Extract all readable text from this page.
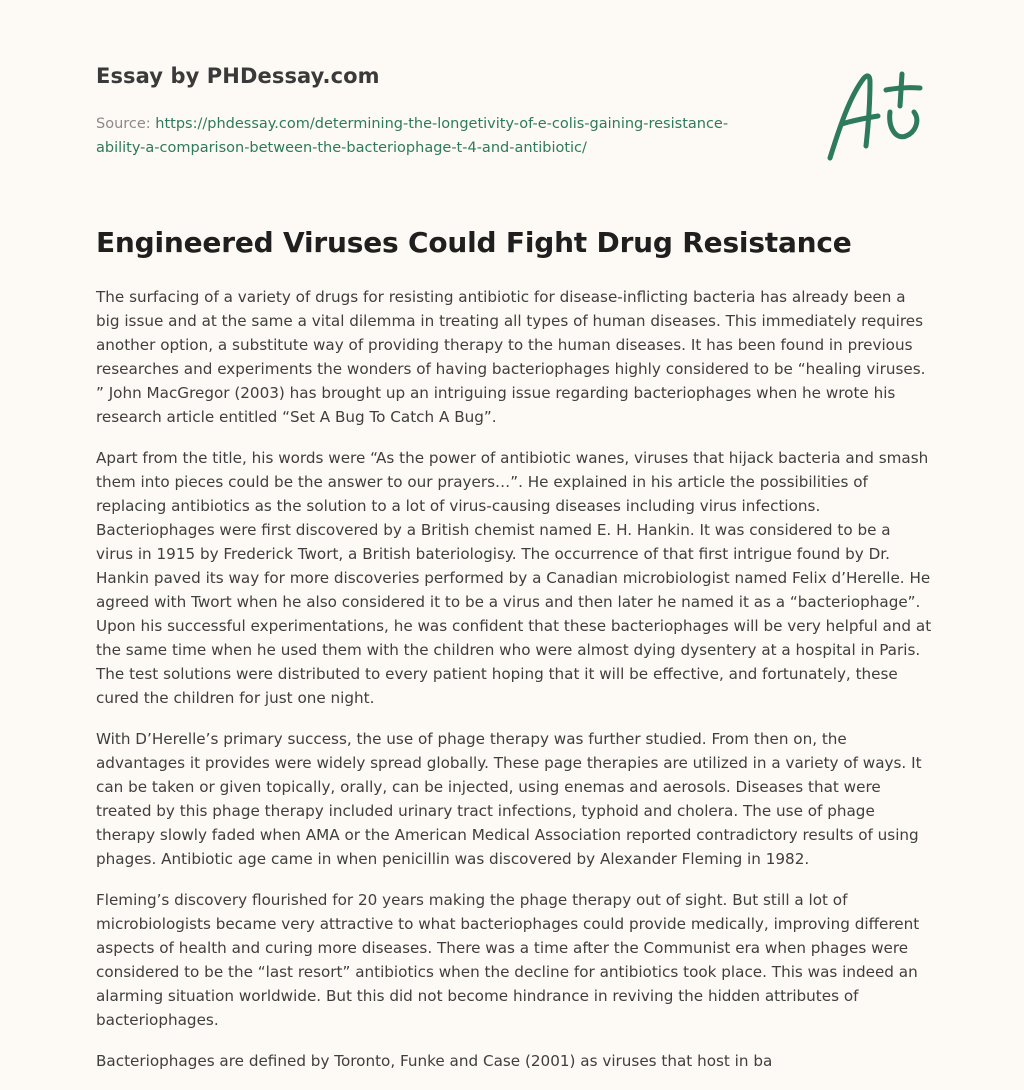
Essay by PHDessay.com
Source: https://phdessay.com/determining-the-longetivity-of-e-colis-gaining-resistance-
ability-a-comparison-between-the-bacteriophage-t-4-and-antibiotic/
Engineered Viruses Could Fight Drug Resistance

The surfacing of a variety of drugs for resisting antibiotic for disease-inflicting bacteria has already been a big issue and at the same a vital dilemma in treating all types of human diseases. This immediately requires another option, a substitute way of providing therapy to the human diseases. It has been found in previous researches and experiments the wonders of having bacteriophages highly considered to be “healing viruses. ” John MacGregor (2003) has brought up an intriguing issue regarding bacteriophages when he wrote his research article entitled “Set A Bug To Catch A Bug”.

Apart from the title, his words were “As the power of antibiotic wanes, viruses that hijack bacteria and smash them into pieces could be the answer to our prayers…”. He explained in his article the possibilities of replacing antibiotics as the solution to a lot of virus-causing diseases including virus infections. Bacteriophages were first discovered by a British chemist named E. H. Hankin. It was considered to be a virus in 1915 by Frederick Twort, a British bateriologisy. The occurrence of that first intrigue found by Dr. Hankin paved its way for more discoveries performed by a Canadian microbiologist named Felix d’Herelle. He agreed with Twort when he also considered it to be a virus and then later he named it as a “bacteriophage”. Upon his successful experimentations, he was confident that these bacteriophages will be very helpful and at the same time when he used them with the children who were almost dying dysentery at a hospital in Paris. The test solutions were distributed to every patient hoping that it will be effective, and fortunately, these cured the children for just one night.

With D’Herelle’s primary success, the use of phage therapy was further studied. From then on, the advantages it provides were widely spread globally. These page therapies are utilized in a variety of ways. It can be taken or given topically, orally, can be injected, using enemas and aerosols. Diseases that were treated by this phage therapy included urinary tract infections, typhoid and cholera. The use of phage therapy slowly faded when AMA or the American Medical Association reported contradictory results of using phages. Antibiotic age came in when penicillin was discovered by Alexander Fleming in 1982.

Fleming’s discovery flourished for 20 years making the phage therapy out of sight. But still a lot of microbiologists became very attractive to what bacteriophages could provide medically, improving different aspects of health and curing more diseases. There was a time after the Communist era when phages were considered to be the “last resort” antibiotics when the decline for antibiotics took place. This was indeed an alarming situation worldwide. But this did not become hindrance in reviving the hidden attributes of bacteriophages.

Bacteriophages are defined by Toronto, Funke and Case (2001) as viruses that host in ba
